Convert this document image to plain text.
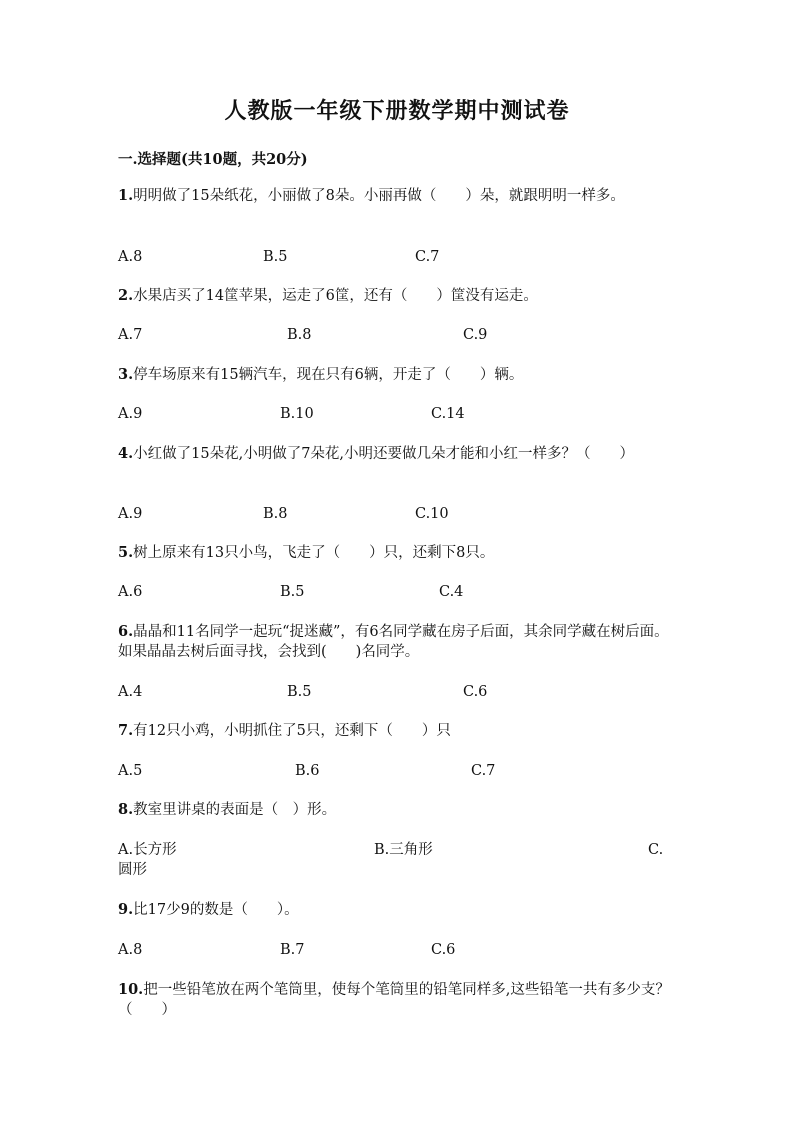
人教版一年级下册数学期中测试卷
一.选择题(共10题，共20分)
1.明明做了15朵纸花，小丽做了8朵。小丽再做（　　）朵，就跟明明一样多。
A.8	B.5	C.7
2.水果店买了14筐苹果，运走了6筐，还有（　　）筐没有运走。
A.7	B.8	C.9
3.停车场原来有15辆汽车，现在只有6辆，开走了（　　）辆。
A.9	B.10	C.14
4.小红做了15朵花,小明做了7朵花,小明还要做几朵才能和小红一样多？（　　）
A.9	B.8	C.10
5.树上原来有13只小鸟，飞走了（　　）只，还剩下8只。
A.6	B.5	C.4
6.晶晶和11名同学一起玩“捉迷藏”，有6名同学藏在房子后面，其余同学藏在树后面。如果晶晶去树后面寻找，会找到(　　)名同学。
A.4	B.5	C.6
7.有12只小鸡，小明抓住了5只，还剩下（　　）只
A.5	B.6	C.7
8.教室里讲桌的表面是（　）形。
A.长方形	B.三角形	C.
圆形
9.比17少9的数是（　　）。
A.8	B.7	C.6
10.把一些铅笔放在两个笔筒里，使每个笔筒里的铅笔同样多,这些铅笔一共有多少支？（　　）
